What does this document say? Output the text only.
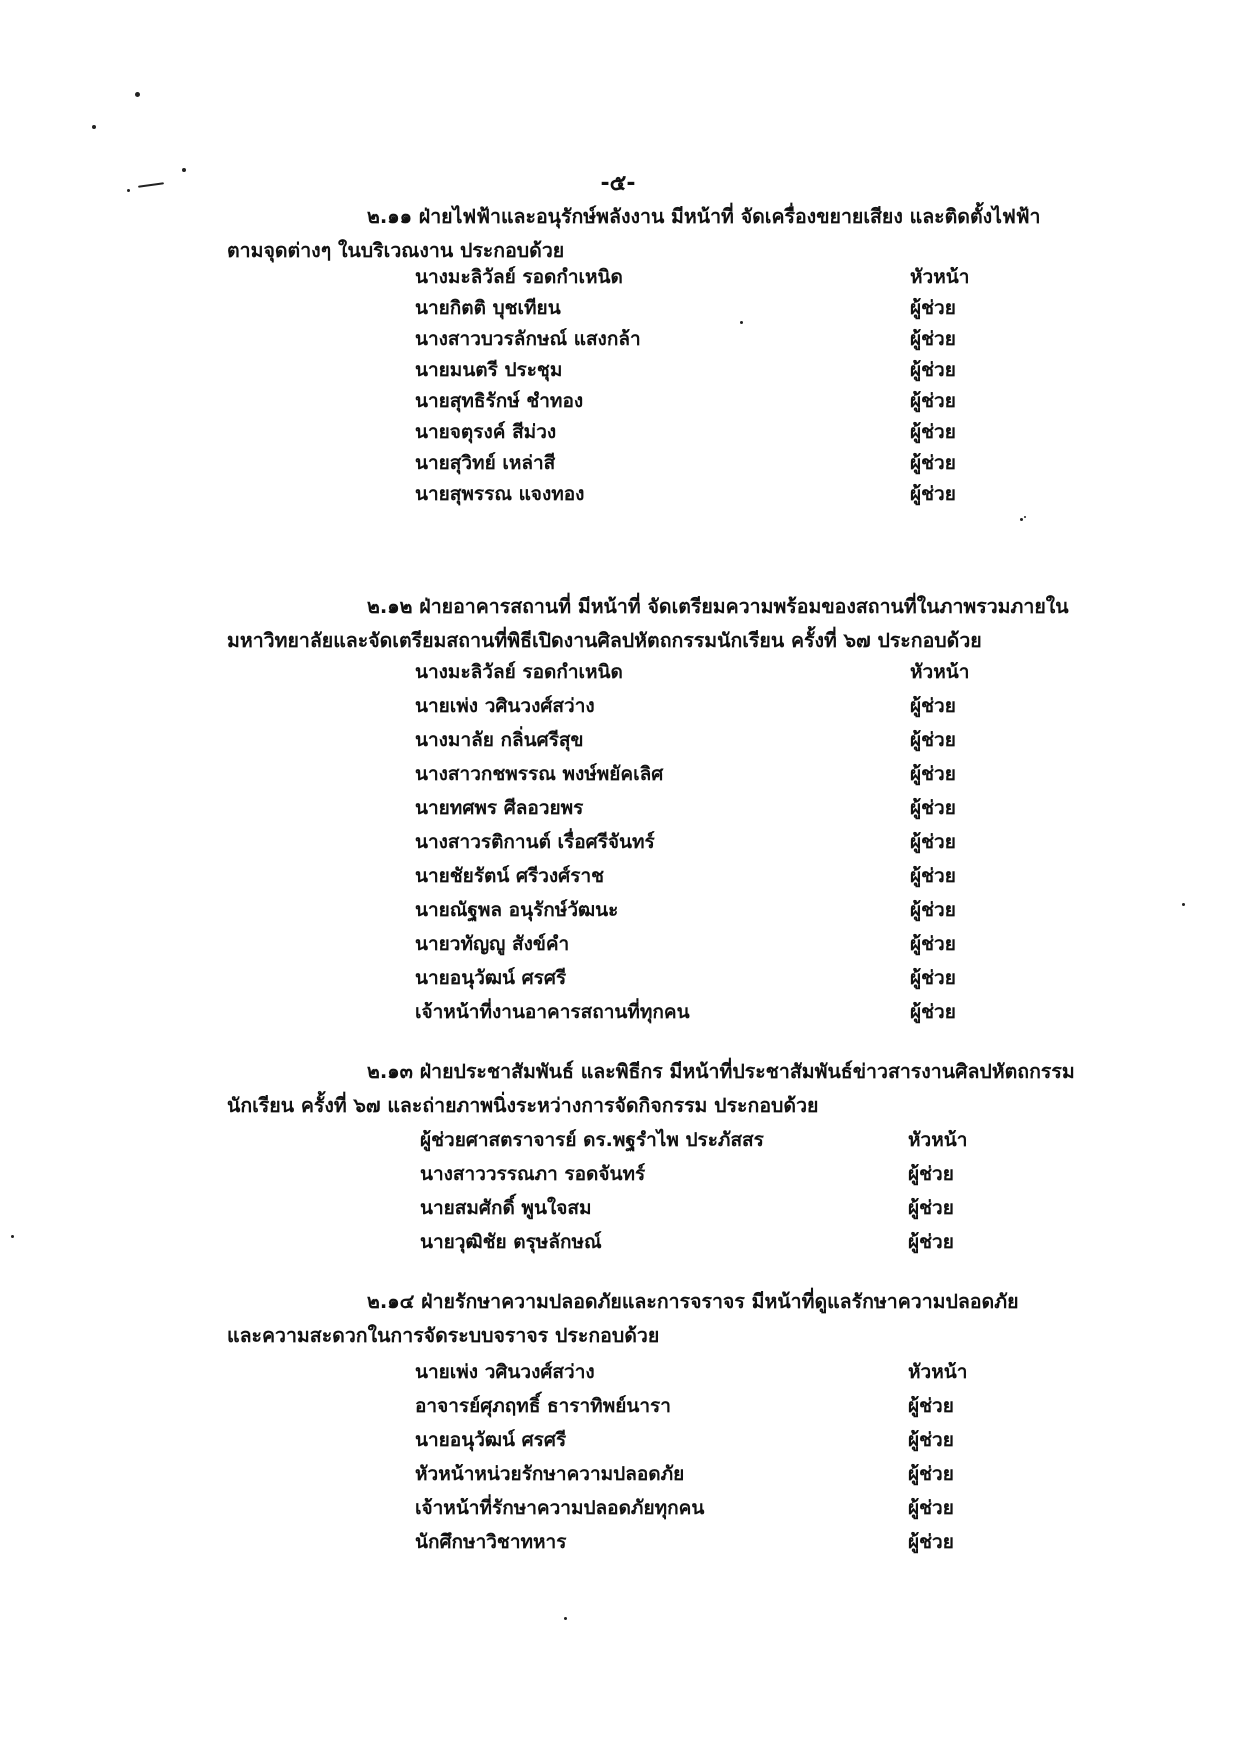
-๕-
๒.๑๑ ฝ่ายไฟฟ้าและอนุรักษ์พลังงาน มีหน้าที่ จัดเครื่องขยายเสียง และติดตั้งไฟฟ้า
ตามจุดต่างๆ ในบริเวณงาน ประกอบด้วย
นางมะลิวัลย์ รอดกำเหนิด	หัวหน้า
นายกิตติ บุชเทียน	ผู้ช่วย
นางสาวบวรลักษณ์ แสงกล้า	ผู้ช่วย
นายมนตรี ประชุม	ผู้ช่วย
นายสุทธิรักษ์ ชำทอง	ผู้ช่วย
นายจตุรงค์ สีม่วง	ผู้ช่วย
นายสุวิทย์ เหล่าสี	ผู้ช่วย
นายสุพรรณ แจงทอง	ผู้ช่วย
๒.๑๒ ฝ่ายอาคารสถานที่ มีหน้าที่ จัดเตรียมความพร้อมของสถานที่ในภาพรวมภายใน
มหาวิทยาลัยและจัดเตรียมสถานที่พิธีเปิดงานศิลปหัตถกรรมนักเรียน ครั้งที่ ๖๗ ประกอบด้วย
นางมะลิวัลย์ รอดกำเหนิด	หัวหน้า
นายเพ่ง วศินวงศ์สว่าง	ผู้ช่วย
นางมาลัย กลิ่นศรีสุข	ผู้ช่วย
นางสาวกชพรรณ พงษ์พยัคเลิศ	ผู้ช่วย
นายทศพร ศีลอวยพร	ผู้ช่วย
นางสาวรติกานต์ เรื่อศรีจันทร์	ผู้ช่วย
นายชัยรัตน์ ศรีวงศ์ราช	ผู้ช่วย
นายณัฐพล อนุรักษ์วัฒนะ	ผู้ช่วย
นายวทัญญู สังข์คำ	ผู้ช่วย
นายอนุวัฒน์ ศรศรี	ผู้ช่วย
เจ้าหน้าที่งานอาคารสถานที่ทุกคน	ผู้ช่วย
๒.๑๓ ฝ่ายประชาสัมพันธ์ และพิธีกร มีหน้าที่ประชาสัมพันธ์ข่าวสารงานศิลปหัตถกรรม
นักเรียน ครั้งที่ ๖๗ และถ่ายภาพนิ่งระหว่างการจัดกิจกรรม ประกอบด้วย
ผู้ช่วยศาสตราจารย์ ดร.พฐรำไพ ประภัสสร	หัวหน้า
นางสาววรรณภา รอดจันทร์	ผู้ช่วย
นายสมศักดิ์ พูนใจสม	ผู้ช่วย
นายวุฒิชัย ตรุษลักษณ์	ผู้ช่วย
๒.๑๔ ฝ่ายรักษาความปลอดภัยและการจราจร มีหน้าที่ดูแลรักษาความปลอดภัย
และความสะดวกในการจัดระบบจราจร ประกอบด้วย
นายเพ่ง วศินวงศ์สว่าง	หัวหน้า
อาจารย์ศุภฤทธิ์ ธาราทิพย์นารา	ผู้ช่วย
นายอนุวัฒน์ ศรศรี	ผู้ช่วย
หัวหน้าหน่วยรักษาความปลอดภัย	ผู้ช่วย
เจ้าหน้าที่รักษาความปลอดภัยทุกคน	ผู้ช่วย
นักศึกษาวิชาทหาร	ผู้ช่วย
